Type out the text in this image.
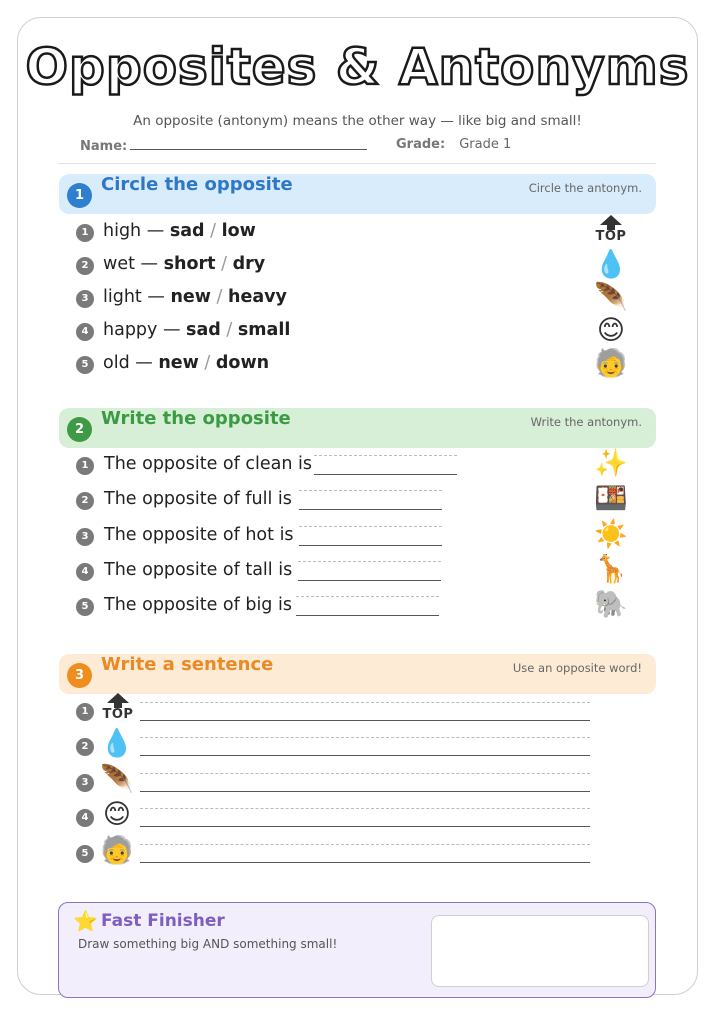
Opposites & Antonyms
An opposite (antonym) means the other way — like big and small!
Name:	Grade: Grade 1
1
Circle the opposite	Circle the antonym.
1 high — sad / low
2 wet — short / dry
3 light — new / heavy
4 happy — sad / small
5 old — new / down
TOP
💧
🪶
😊
🧓
2
Write the opposite	Write the antonym.
1 The opposite of clean is
2 The opposite of full is
3 The opposite of hot is
4 The opposite of tall is
5 The opposite of big is
✨
🍱
☀️
🦒
🐘
3
Write a sentence	Use an opposite word!
1	TOP
2 💧
3 🪶
4 😊
5 🧓
⭐ Fast Finisher
Draw something big AND something small!
